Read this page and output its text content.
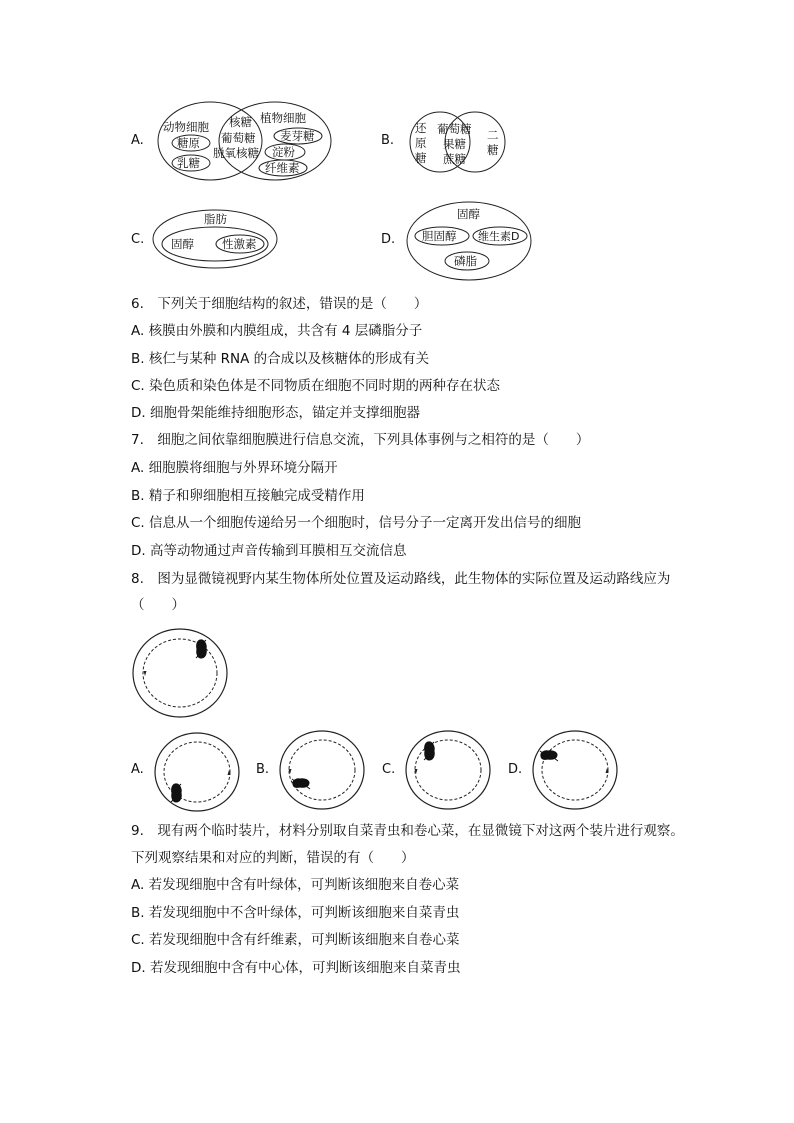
A.
动物细胞
糖原
乳糖
核糖
葡萄糖
脱氧核糖
植物细胞
麦芽糖
淀粉
纤维素
B.
还
原
糖
葡萄糖
果糖
蔗糖
二
糖
C.
脂肪
固醇 性激素	D.
固醇
胆固醇 维生素D
磷脂
6.　下列关于细胞结构的叙述，错误的是（　　）
A. 核膜由外膜和内膜组成，共含有 4 层磷脂分子
B. 核仁与某种 RNA 的合成以及核糖体的形成有关
C. 染色质和染色体是不同物质在细胞不同时期的两种存在状态
D. 细胞骨架能维持细胞形态，锚定并支撑细胞器
7.　细胞之间依靠细胞膜进行信息交流，下列具体事例与之相符的是（　　）
A. 细胞膜将细胞与外界环境分隔开
B. 精子和卵细胞相互接触完成受精作用
C. 信息从一个细胞传递给另一个细胞时，信号分子一定离开发出信号的细胞
D. 高等动物通过声音传输到耳膜相互交流信息
8.　图为显微镜视野内某生物体所处位置及运动路线，此生物体的实际位置及运动路线应为
（　　）
A.	B.	C.	D.
9.　现有两个临时装片，材料分别取自菜青虫和卷心菜，在显微镜下对这两个装片进行观察。
下列观察结果和对应的判断，错误的有（　　）
A. 若发现细胞中含有叶绿体，可判断该细胞来自卷心菜
B. 若发现细胞中不含叶绿体，可判断该细胞来自菜青虫
C. 若发现细胞中含有纤维素，可判断该细胞来自卷心菜
D. 若发现细胞中含有中心体，可判断该细胞来自菜青虫
